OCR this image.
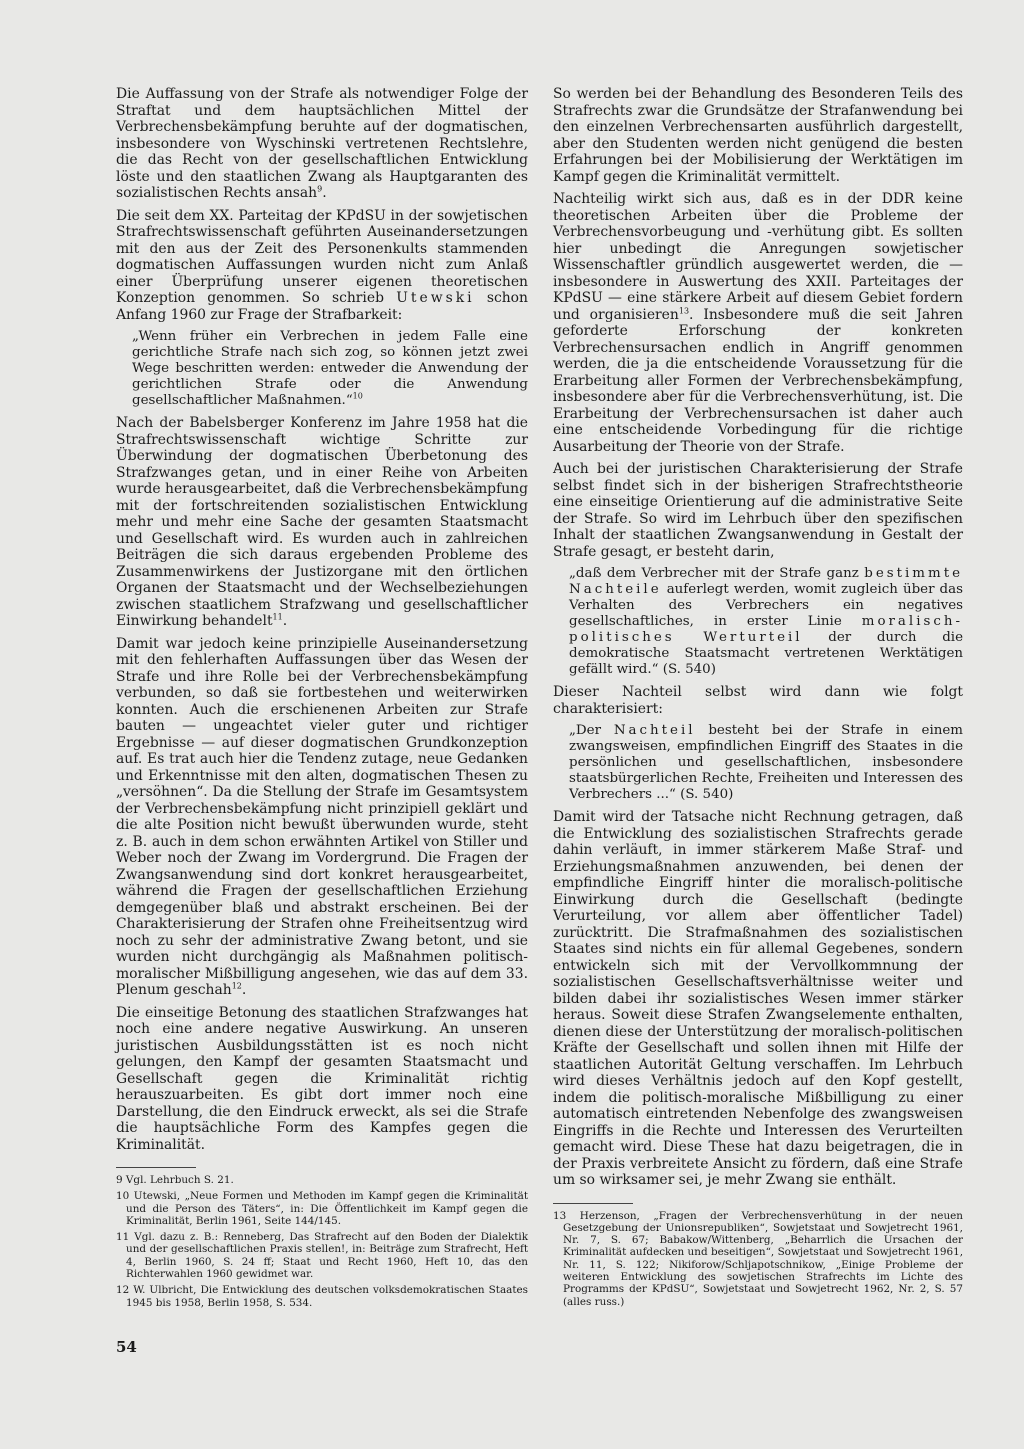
Die Auffassung von der Strafe als notwendiger Folge der Straftat und dem hauptsächlichen Mittel der Verbrechensbekämpfung beruhte auf der dogmatischen, insbesondere von Wyschinski vertretenen Rechtslehre, die das Recht von der gesellschaftlichen Entwicklung löste und den staatlichen Zwang als Hauptgaranten des sozialistischen Rechts ansah$^9$.

Die seit dem XX. Parteitag der KPdSU in der sowjetischen Strafrechtswissenschaft geführten Auseinandersetzungen mit den aus der Zeit des Personenkults stammenden dogmatischen Auffassungen wurden nicht zum Anlaß einer Überprüfung unserer eigenen theoretischen Konzeption genommen. So schrieb Utewski schon Anfang 1960 zur Frage der Strafbarkeit:

„Wenn früher ein Verbrechen in jedem Falle eine gerichtliche Strafe nach sich zog, so können jetzt zwei Wege beschritten werden: entweder die Anwendung der gerichtlichen Strafe oder die Anwendung gesellschaftlicher Maßnahmen.“$^{10}$

Nach der Babelsberger Konferenz im Jahre 1958 hat die Strafrechtswissenschaft wichtige Schritte zur Überwindung der dogmatischen Überbetonung des Strafzwanges getan, und in einer Reihe von Arbeiten wurde herausgearbeitet, daß die Verbrechensbekämpfung mit der fortschreitenden sozialistischen Entwicklung mehr und mehr eine Sache der gesamten Staatsmacht und Gesellschaft wird. Es wurden auch in zahlreichen Beiträgen die sich daraus ergebenden Probleme des Zusammenwirkens der Justizorgane mit den örtlichen Organen der Staatsmacht und der Wechselbeziehungen zwischen staatlichem Strafzwang und gesellschaftlicher Einwirkung behandelt$^{11}$.

Damit war jedoch keine prinzipielle Auseinandersetzung mit den fehlerhaften Auffassungen über das Wesen der Strafe und ihre Rolle bei der Verbrechensbekämpfung verbunden, so daß sie fortbestehen und weiterwirken konnten. Auch die erschienenen Arbeiten zur Strafe bauten — ungeachtet vieler guter und richtiger Ergebnisse — auf dieser dogmatischen Grundkonzeption auf. Es trat auch hier die Tendenz zutage, neue Gedanken und Erkenntnisse mit den alten, dogmatischen Thesen zu „versöhnen“. Da die Stellung der Strafe im Gesamtsystem der Verbrechensbekämpfung nicht prinzipiell geklärt und die alte Position nicht bewußt überwunden wurde, steht z. B. auch in dem schon erwähnten Artikel von Stiller und Weber noch der Zwang im Vordergrund. Die Fragen der Zwangsanwendung sind dort konkret herausgearbeitet, während die Fragen der gesellschaftlichen Erziehung demgegenüber blaß und abstrakt erscheinen. Bei der Charakterisierung der Strafen ohne Freiheitsentzug wird noch zu sehr der administrative Zwang betont, und sie wurden nicht durchgängig als Maßnahmen politisch-moralischer Mißbilligung angesehen, wie das auf dem 33. Plenum geschah$^{12}$.

Die einseitige Betonung des staatlichen Strafzwanges hat noch eine andere negative Auswirkung. An unseren juristischen Ausbildungsstätten ist es noch nicht gelungen, den Kampf der gesamten Staatsmacht und Gesellschaft gegen die Kriminalität richtig herauszuarbeiten. Es gibt dort immer noch eine Darstellung, die den Eindruck erweckt, als sei die Strafe die hauptsächliche Form des Kampfes gegen die Kriminalität.

9 Vgl. Lehrbuch S. 21.
10 Utewski, „Neue Formen und Methoden im Kampf gegen die Kriminalität und die Person des Täters“, in: Die Öffentlichkeit im Kampf gegen die Kriminalität, Berlin 1961, Seite 144/145.
11 Vgl. dazu z. B.: Renneberg, Das Strafrecht auf den Boden der Dialektik und der gesellschaftlichen Praxis stellen!, in: Beiträge zum Strafrecht, Heft 4, Berlin 1960, S. 24 ff; Staat und Recht 1960, Heft 10, das den Richterwahlen 1960 gewidmet war.
12 W. Ulbricht, Die Entwicklung des deutschen volksdemokratischen Staates 1945 bis 1958, Berlin 1958, S. 534.

So werden bei der Behandlung des Besonderen Teils des Strafrechts zwar die Grundsätze der Strafanwendung bei den einzelnen Verbrechensarten ausführlich dargestellt, aber den Studenten werden nicht genügend die besten Erfahrungen bei der Mobilisierung der Werktätigen im Kampf gegen die Kriminalität vermittelt.

Nachteilig wirkt sich aus, daß es in der DDR keine theoretischen Arbeiten über die Probleme der Verbrechensvorbeugung und -verhütung gibt. Es sollten hier unbedingt die Anregungen sowjetischer Wissenschaftler gründlich ausgewertet werden, die — insbesondere in Auswertung des XXII. Parteitages der KPdSU — eine stärkere Arbeit auf diesem Gebiet fordern und organisieren$^{13}$. Insbesondere muß die seit Jahren geforderte Erforschung der konkreten Verbrechensursachen endlich in Angriff genommen werden, die ja die entscheidende Voraussetzung für die Erarbeitung aller Formen der Verbrechensbekämpfung, insbesondere aber für die Verbrechensverhütung, ist. Die Erarbeitung der Verbrechensursachen ist daher auch eine entscheidende Vorbedingung für die richtige Ausarbeitung der Theorie von der Strafe.

Auch bei der juristischen Charakterisierung der Strafe selbst findet sich in der bisherigen Strafrechtstheorie eine einseitige Orientierung auf die administrative Seite der Strafe. So wird im Lehrbuch über den spezifischen Inhalt der staatlichen Zwangsanwendung in Gestalt der Strafe gesagt, er besteht darin,

„daß dem Verbrecher mit der Strafe ganz bestimmte Nachteile auferlegt werden, womit zugleich über das Verhalten des Verbrechers ein negatives gesellschaftliches, in erster Linie moralisch-politisches Werturteil der durch die demokratische Staatsmacht vertretenen Werktätigen gefällt wird.“ (S. 540)

Dieser Nachteil selbst wird dann wie folgt charakterisiert:

„Der Nachteil besteht bei der Strafe in einem zwangsweisen, empfindlichen Eingriff des Staates in die persönlichen und gesellschaftlichen, insbesondere staatsbürgerlichen Rechte, Freiheiten und Interessen des Verbrechers ...“ (S. 540)

Damit wird der Tatsache nicht Rechnung getragen, daß die Entwicklung des sozialistischen Strafrechts gerade dahin verläuft, in immer stärkerem Maße Straf- und Erziehungsmaßnahmen anzuwenden, bei denen der empfindliche Eingriff hinter die moralisch-politische Einwirkung durch die Gesellschaft (bedingte Verurteilung, vor allem aber öffentlicher Tadel) zurücktritt. Die Strafmaßnahmen des sozialistischen Staates sind nichts ein für allemal Gegebenes, sondern entwickeln sich mit der Vervollkommnung der sozialistischen Gesellschaftsverhältnisse weiter und bilden dabei ihr sozialistisches Wesen immer stärker heraus. Soweit diese Strafen Zwangselemente enthalten, dienen diese der Unterstützung der moralisch-politischen Kräfte der Gesellschaft und sollen ihnen mit Hilfe der staatlichen Autorität Geltung verschaffen. Im Lehrbuch wird dieses Verhältnis jedoch auf den Kopf gestellt, indem die politisch-moralische Mißbilligung zu einer automatisch eintretenden Nebenfolge des zwangsweisen Eingriffs in die Rechte und Interessen des Verurteilten gemacht wird. Diese These hat dazu beigetragen, die in der Praxis verbreitete Ansicht zu fördern, daß eine Strafe um so wirksamer sei, je mehr Zwang sie enthält.

13 Herzenson, „Fragen der Verbrechensverhütung in der neuen Gesetzgebung der Unionsrepubliken“, Sowjetstaat und Sowjetrecht 1961, Nr. 7, S. 67; Babakow/Wittenberg, „Beharrlich die Ursachen der Kriminalität aufdecken und beseitigen“, Sowjetstaat und Sowjetrecht 1961, Nr. 11, S. 122; Nikiforow/Schljapotschnikow, „Einige Probleme der weiteren Entwicklung des sowjetischen Strafrechts im Lichte des Programms der KPdSU“, Sowjetstaat und Sowjetrecht 1962, Nr. 2, S. 57 (alles russ.)
54
